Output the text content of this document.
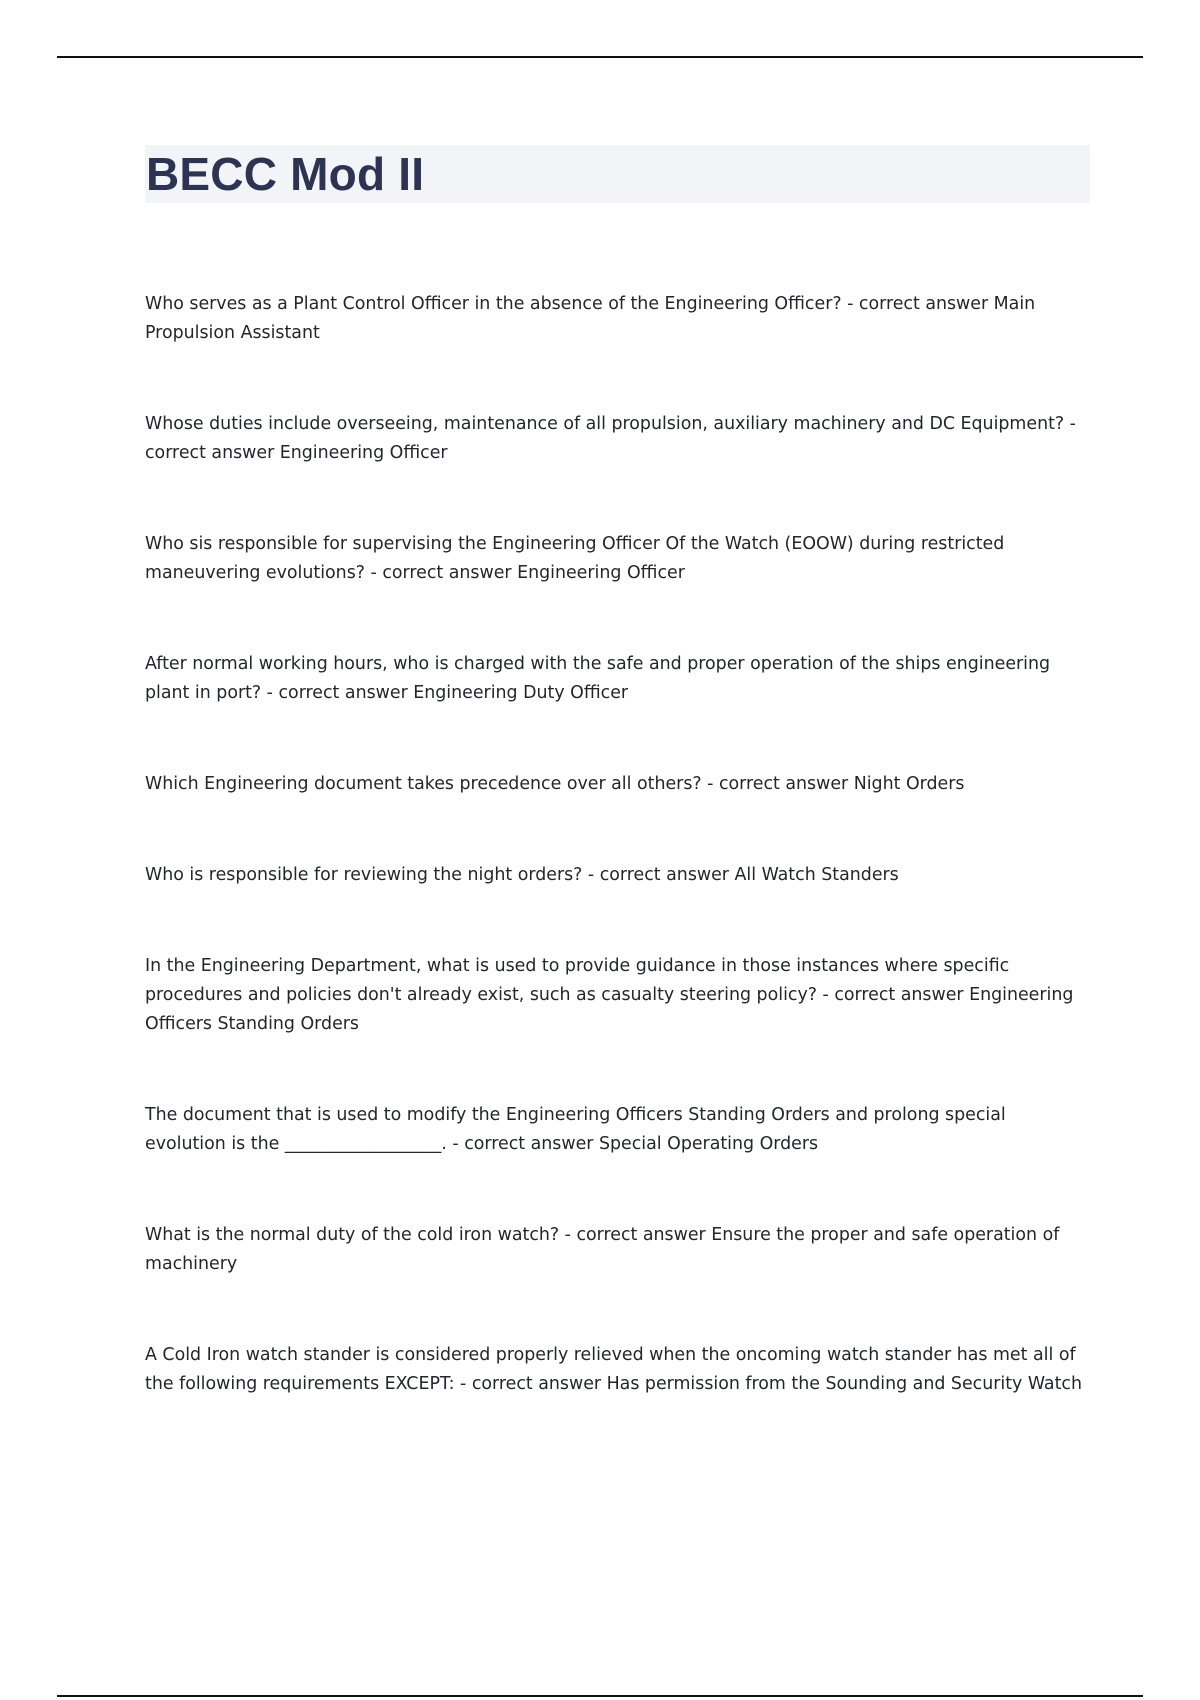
BECC Mod II
Who serves as a Plant Control Officer in the absence of the Engineering Officer? - correct answer Main Propulsion Assistant
Whose duties include overseeing, maintenance of all propulsion, auxiliary machinery and DC Equipment? - correct answer Engineering Officer
Who sis responsible for supervising the Engineering Officer Of the Watch (EOOW) during restricted maneuvering evolutions? - correct answer Engineering Officer
After normal working hours, who is charged with the safe and proper operation of the ships engineering plant in port? - correct answer Engineering Duty Officer
Which Engineering document takes precedence over all others? - correct answer Night Orders
Who is responsible for reviewing the night orders? - correct answer All Watch Standers
In the Engineering Department, what is used to provide guidance in those instances where specific procedures and policies don't already exist, such as casualty steering policy? - correct answer Engineering Officers Standing Orders
The document that is used to modify the Engineering Officers Standing Orders and prolong special evolution is the __________________. - correct answer Special Operating Orders
What is the normal duty of the cold iron watch? - correct answer Ensure the proper and safe operation of machinery
A Cold Iron watch stander is considered properly relieved when the oncoming watch stander has met all of the following requirements EXCEPT: - correct answer Has permission from the Sounding and Security Watch
